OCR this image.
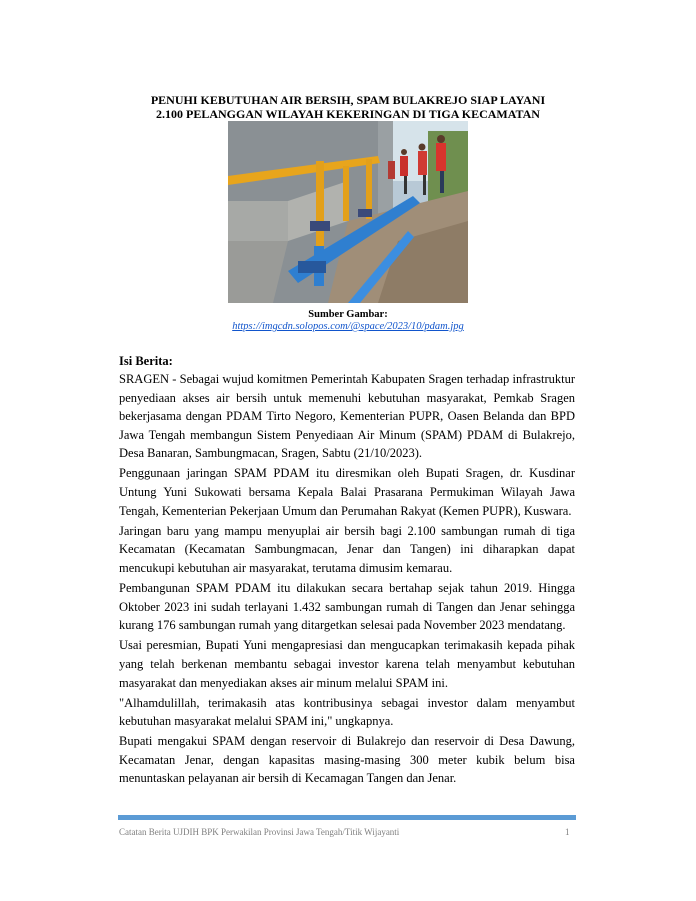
PENUHI KEBUTUHAN AIR BERSIH, SPAM BULAKREJO SIAP LAYANI
2.100 PELANGGAN WILAYAH KEKERINGAN DI TIGA KECAMATAN
Sumber Gambar:
https://imgcdn.solopos.com/@space/2023/10/pdam.jpg
Isi Berita:

SRAGEN - Sebagai wujud komitmen Pemerintah Kabupaten Sragen terhadap infrastruktur penyediaan akses air bersih untuk memenuhi kebutuhan masyarakat, Pemkab Sragen bekerjasama dengan PDAM Tirto Negoro, Kementerian PUPR, Oasen Belanda dan BPD Jawa Tengah membangun Sistem Penyediaan Air Minum (SPAM) PDAM di Bulakrejo, Desa Banaran, Sambungmacan, Sragen, Sabtu (21/10/2023).

Penggunaan jaringan SPAM PDAM itu diresmikan oleh Bupati Sragen, dr. Kusdinar Untung Yuni Sukowati bersama Kepala Balai Prasarana Permukiman Wilayah Jawa Tengah, Kementerian Pekerjaan Umum dan Perumahan Rakyat (Kemen PUPR), Kuswara.

Jaringan baru yang mampu menyuplai air bersih bagi 2.100 sambungan rumah di tiga Kecamatan (Kecamatan Sambungmacan, Jenar dan Tangen) ini diharapkan dapat mencukupi kebutuhan air masyarakat, terutama dimusim kemarau.

Pembangunan SPAM PDAM itu dilakukan secara bertahap sejak tahun 2019. Hingga Oktober 2023 ini sudah terlayani 1.432 sambungan rumah di Tangen dan Jenar sehingga kurang 176 sambungan rumah yang ditargetkan selesai pada November 2023 mendatang.

Usai peresmian, Bupati Yuni mengapresiasi dan mengucapkan terimakasih kepada pihak yang telah berkenan membantu sebagai investor karena telah menyambut kebutuhan masyarakat dan menyediakan akses air minum melalui SPAM ini.

"Alhamdulillah, terimakasih atas kontribusinya sebagai investor dalam menyambut kebutuhan masyarakat melalui SPAM ini," ungkapnya.

Bupati mengakui SPAM dengan reservoir di Bulakrejo dan reservoir di Desa Dawung, Kecamatan Jenar, dengan kapasitas masing-masing 300 meter kubik belum bisa menuntaskan pelayanan air bersih di Kecamagan Tangen dan Jenar.

Catatan Berita UJDIH BPK Perwakilan Provinsi Jawa Tengah/Titik Wijayanti	1
